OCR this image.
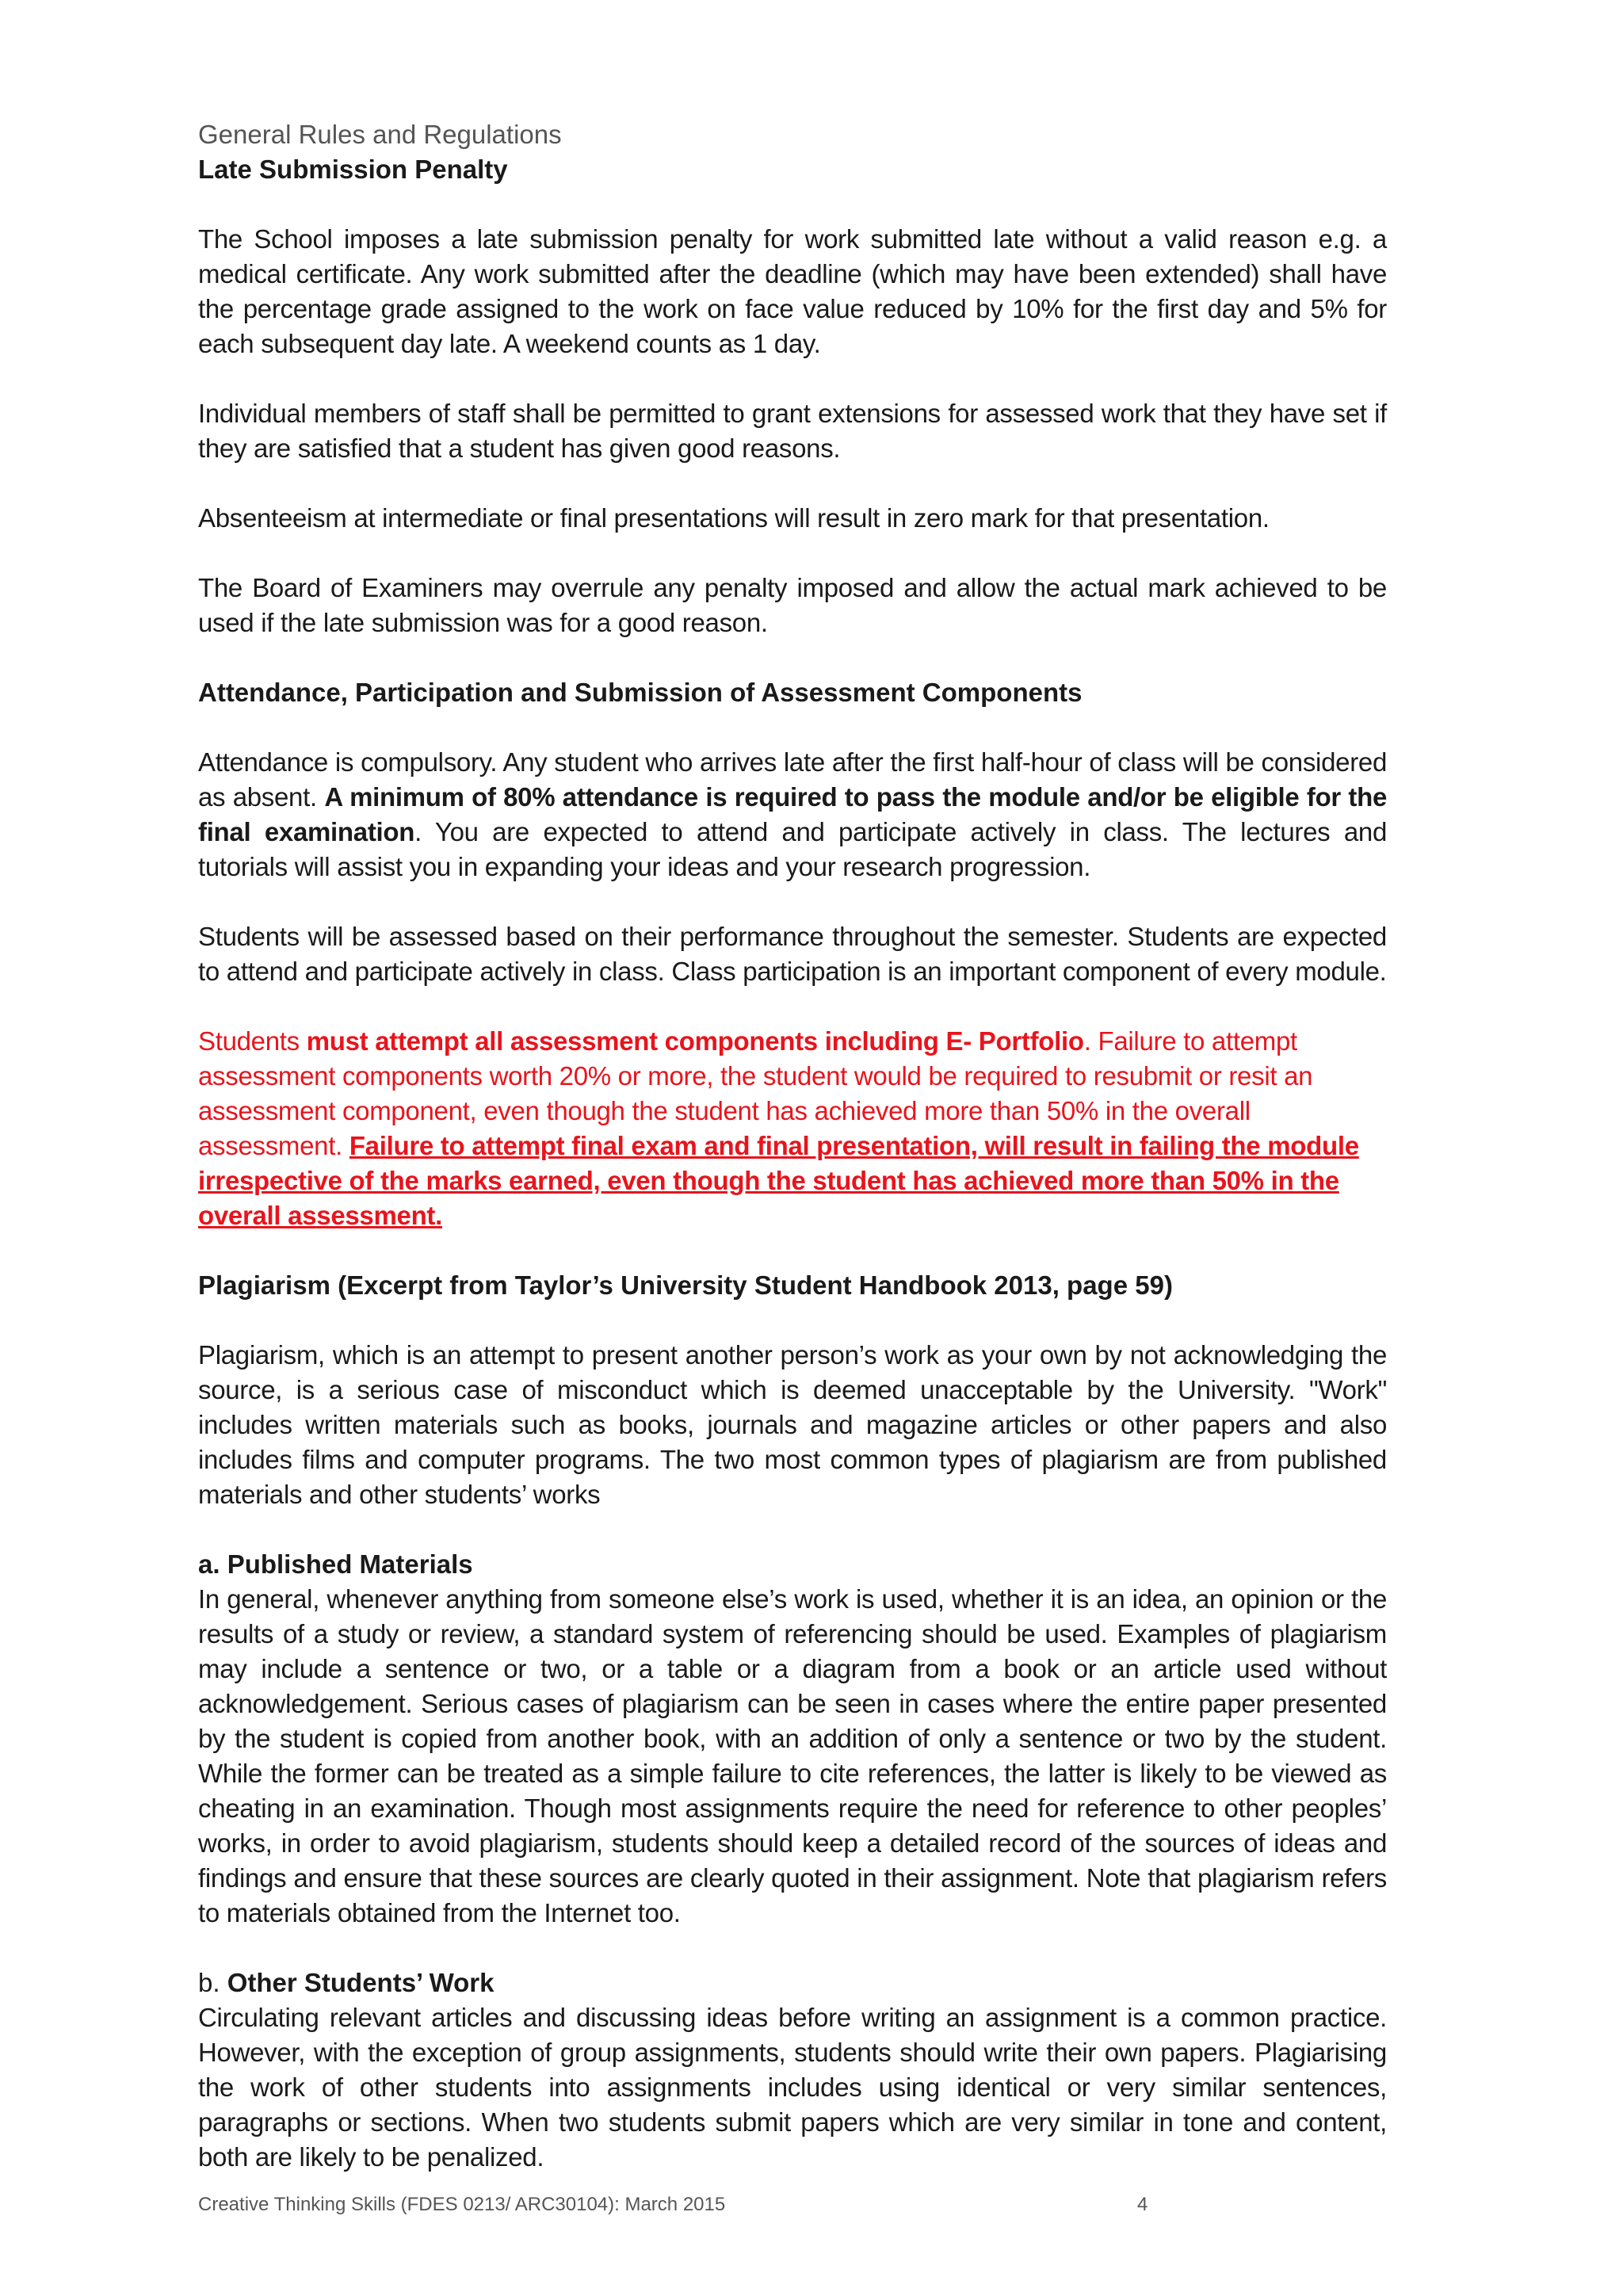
General Rules and Regulations

Late Submission Penalty

The School imposes a late submission penalty for work submitted late without a valid reason e.g. a medical certificate. Any work submitted after the deadline (which may have been extended) shall have the percentage grade assigned to the work on face value reduced by 10% for the first day and 5% for each subsequent day late. A weekend counts as 1 day.

Individual members of staff shall be permitted to grant extensions for assessed work that they have set if they are satisfied that a student has given good reasons.

Absenteeism at intermediate or final presentations will result in zero mark for that presentation.

The Board of Examiners may overrule any penalty imposed and allow the actual mark achieved to be used if the late submission was for a good reason.

Attendance, Participation and Submission of Assessment Components

Attendance is compulsory. Any student who arrives late after the first half-hour of class will be considered as absent. A minimum of 80% attendance is required to pass the module and/or be eligible for the final examination. You are expected to attend and participate actively in class. The lectures and tutorials will assist you in expanding your ideas and your research progression.

Students will be assessed based on their performance throughout the semester. Students are expected to attend and participate actively in class. Class participation is an important component of every module.

Students must attempt all assessment components including E- Portfolio. Failure to attempt assessment components worth 20% or more, the student would be required to resubmit or resit an assessment component, even though the student has achieved more than 50% in the overall assessment. Failure to attempt final exam and final presentation, will result in failing the module irrespective of the marks earned, even though the student has achieved more than 50% in the overall assessment.

Plagiarism (Excerpt from Taylor’s University Student Handbook 2013, page 59)

Plagiarism, which is an attempt to present another person’s work as your own by not acknowledging the source, is a serious case of misconduct which is deemed unacceptable by the University. "Work" includes written materials such as books, journals and magazine articles or other papers and also includes films and computer programs. The two most common types of plagiarism are from published materials and other students’ works

a. Published Materials

In general, whenever anything from someone else’s work is used, whether it is an idea, an opinion or the results of a study or review, a standard system of referencing should be used. Examples of plagiarism may include a sentence or two, or a table or a diagram from a book or an article used without acknowledgement. Serious cases of plagiarism can be seen in cases where the entire paper presented by the student is copied from another book, with an addition of only a sentence or two by the student. While the former can be treated as a simple failure to cite references, the latter is likely to be viewed as cheating in an examination. Though most assignments require the need for reference to other peoples’ works, in order to avoid plagiarism, students should keep a detailed record of the sources of ideas and findings and ensure that these sources are clearly quoted in their assignment. Note that plagiarism refers to materials obtained from the Internet too.

b. Other Students’ Work

Circulating relevant articles and discussing ideas before writing an assignment is a common practice. However, with the exception of group assignments, students should write their own papers. Plagiarising the work of other students into assignments includes using identical or very similar sentences, paragraphs or sections. When two students submit papers which are very similar in tone and content, both are likely to be penalized.

Creative Thinking Skills (FDES 0213/ ARC30104): March 2015	4
